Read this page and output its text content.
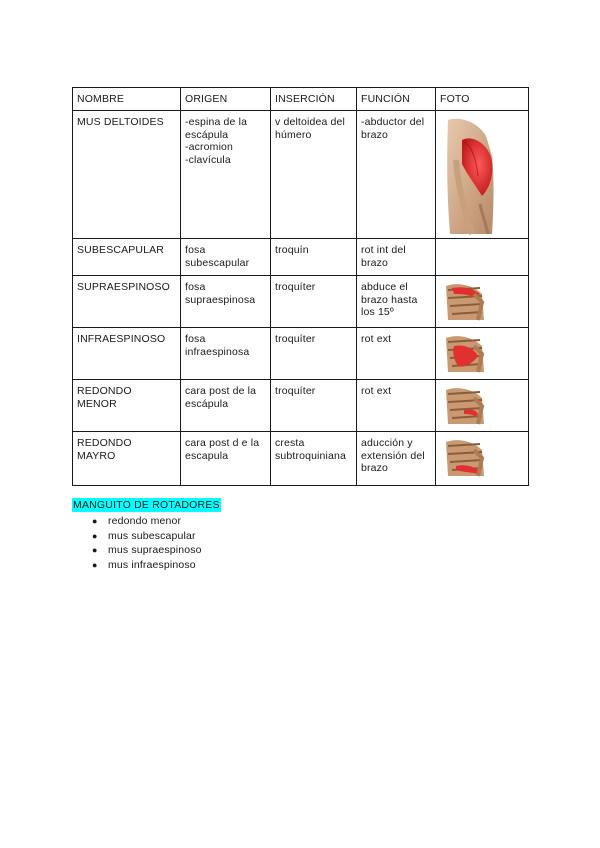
NOMBRE	ORIGEN	INSERCIÓN	FUNCIÓN	FOTO

MUS DELTOIDES	-espina de la
escápula
-acromion
-clavícula	v deltoidea del
húmero	-abductor del
brazo

SUBESCAPULAR	fosa
subescapular	troquín	rot int del
brazo	

SUPRAESPINOSO	fosa
supraespinosa	troquíter	abduce el
brazo hasta
los 15º

INFRAESPINOSO	fosa
infraespinosa	troquíter	rot ext

REDONDO
MENOR	cara post de la
escápula	troquíter	rot ext

REDONDO
MAYRO	cara post d e la
escapula	cresta
subtroquiniana	aducción y
extensión del
brazo

MANGUITO DE ROTADORES
● redondo menor
● mus subescapular
● mus supraespinoso
● mus infraespinoso
